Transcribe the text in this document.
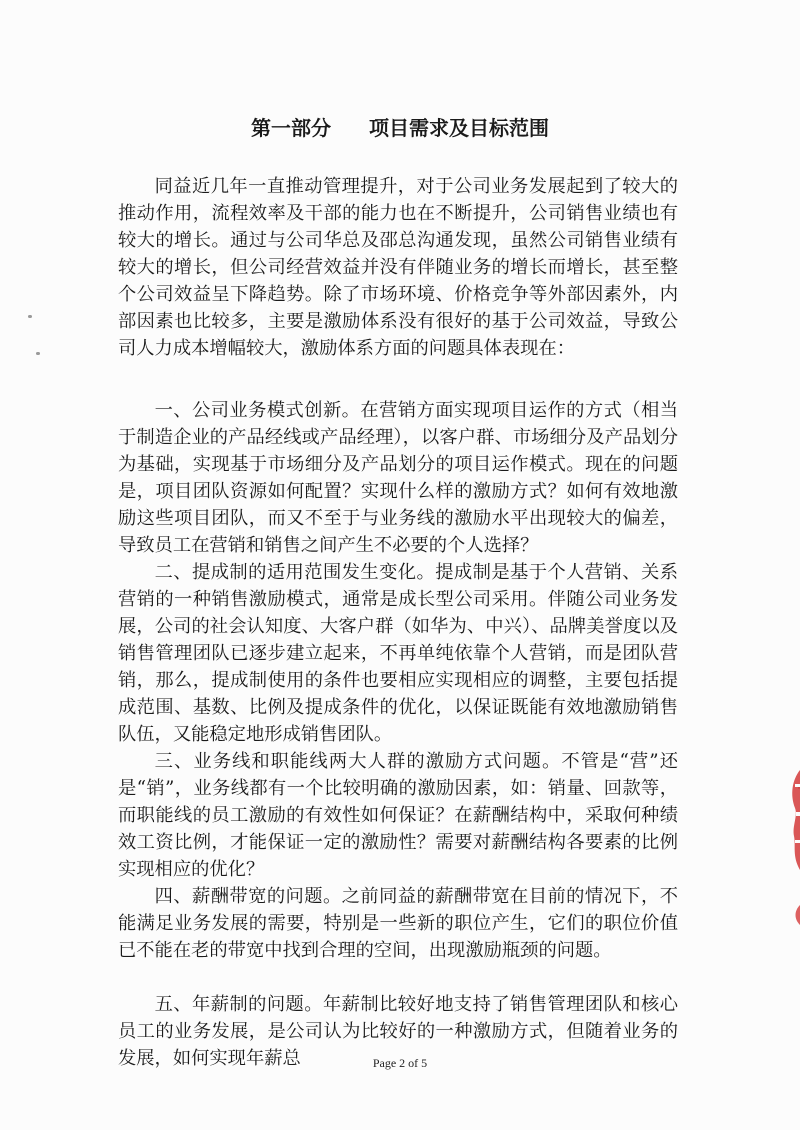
第一部分 项目需求及目标范围

同益近几年一直推动管理提升，对于公司业务发展起到了较大的推动作用，流程效率及干部的能力也在不断提升，公司销售业绩也有较大的增长。通过与公司华总及邵总沟通发现，虽然公司销售业绩有较大的增长，但公司经营效益并没有伴随业务的增长而增长，甚至整个公司效益呈下降趋势。除了市场环境、价格竞争等外部因素外，内部因素也比较多，主要是激励体系没有很好的基于公司效益，导致公司人力成本增幅较大，激励体系方面的问题具体表现在：

一、公司业务模式创新。在营销方面实现项目运作的方式（相当于制造企业的产品经线或产品经理），以客户群、市场细分及产品划分为基础，实现基于市场细分及产品划分的项目运作模式。现在的问题是，项目团队资源如何配置？实现什么样的激励方式？如何有效地激励这些项目团队，而又不至于与业务线的激励水平出现较大的偏差，导致员工在营销和销售之间产生不必要的个人选择？

二、提成制的适用范围发生变化。提成制是基于个人营销、关系营销的一种销售激励模式，通常是成长型公司采用。伴随公司业务发展，公司的社会认知度、大客户群（如华为、中兴）、品牌美誉度以及销售管理团队已逐步建立起来，不再单纯依靠个人营销，而是团队营销，那么，提成制使用的条件也要相应实现相应的调整，主要包括提成范围、基数、比例及提成条件的优化，以保证既能有效地激励销售队伍，又能稳定地形成销售团队。

三、业务线和职能线两大人群的激励方式问题。不管是“营”还是“销”，业务线都有一个比较明确的激励因素，如：销量、回款等，而职能线的员工激励的有效性如何保证？在薪酬结构中，采取何种绩效工资比例，才能保证一定的激励性？需要对薪酬结构各要素的比例实现相应的优化？

四、薪酬带宽的问题。之前同益的薪酬带宽在目前的情况下，不能满足业务发展的需要，特别是一些新的职位产生，它们的职位价值已不能在老的带宽中找到合理的空间，出现激励瓶颈的问题。

五、年薪制的问题。年薪制比较好地支持了销售管理团队和核心员工的业务发展，是公司认为比较好的一种激励方式，但随着业务的发展，如何实现年薪总	Page 2 of 5
